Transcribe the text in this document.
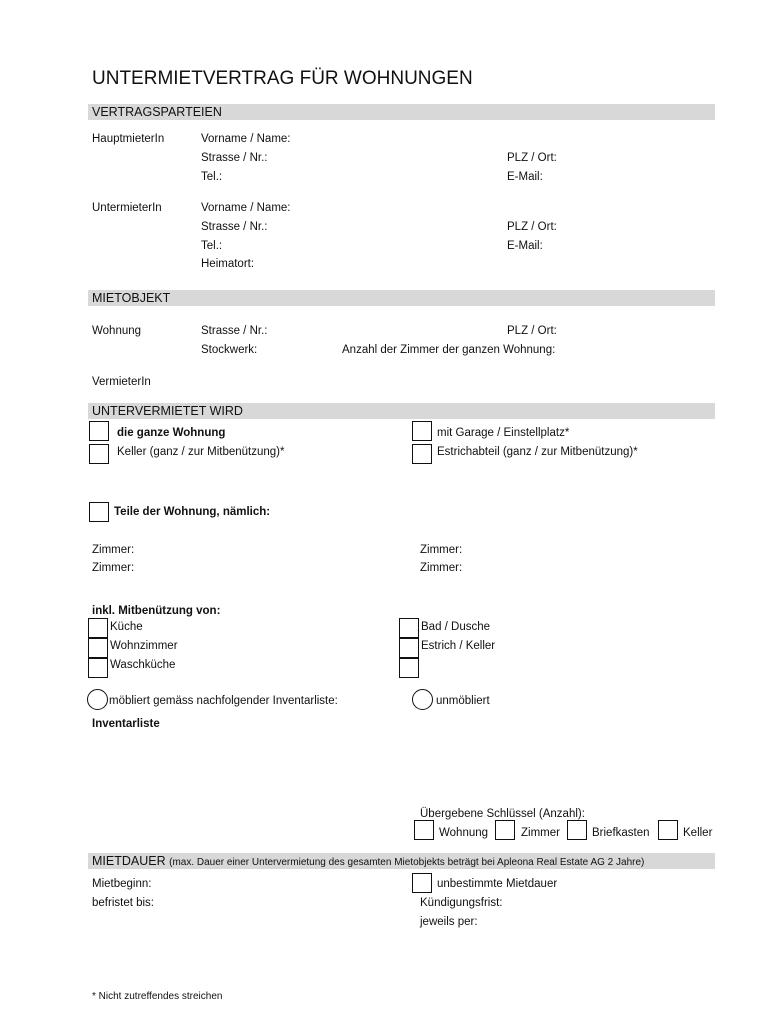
UNTERMIETVERTRAG FÜR WOHNUNGEN
VERTRAGSPARTEIEN
HauptmieterIn	Vorname / Name:
Strasse / Nr.:	PLZ / Ort:
Tel.:	E-Mail:
UntermieterIn	Vorname / Name:
Strasse / Nr.:	PLZ / Ort:
Tel.:	E-Mail:
Heimatort:
MIETOBJEKT
Wohnung	Strasse / Nr.:	PLZ / Ort:
Stockwerk:	Anzahl der Zimmer der ganzen Wohnung:
VermieterIn
UNTERVERMIETET WIRD
die ganze Wohnung	mit Garage / Einstellplatz*
Keller (ganz / zur Mitbenützung)*	Estrichabteil (ganz / zur Mitbenützung)*
Teile der Wohnung, nämlich:
Zimmer:	Zimmer:
Zimmer:	Zimmer:
inkl. Mitbenützung von:
Küche	Bad / Dusche
Wohnzimmer	Estrich / Keller
Waschküche
möbliert gemäss nachfolgender Inventarliste:	unmöbliert
Inventarliste
Übergebene Schlüssel (Anzahl):
Wohnung	Zimmer	Briefkasten	Keller
MIETDAUER (max. Dauer einer Untervermietung des gesamten Mietobjekts beträgt bei Apleona Real Estate AG 2 Jahre)
Mietbeginn:	unbestimmte Mietdauer
befristet bis:	Kündigungsfrist:
jeweils per:
* Nicht zutreffendes streichen
